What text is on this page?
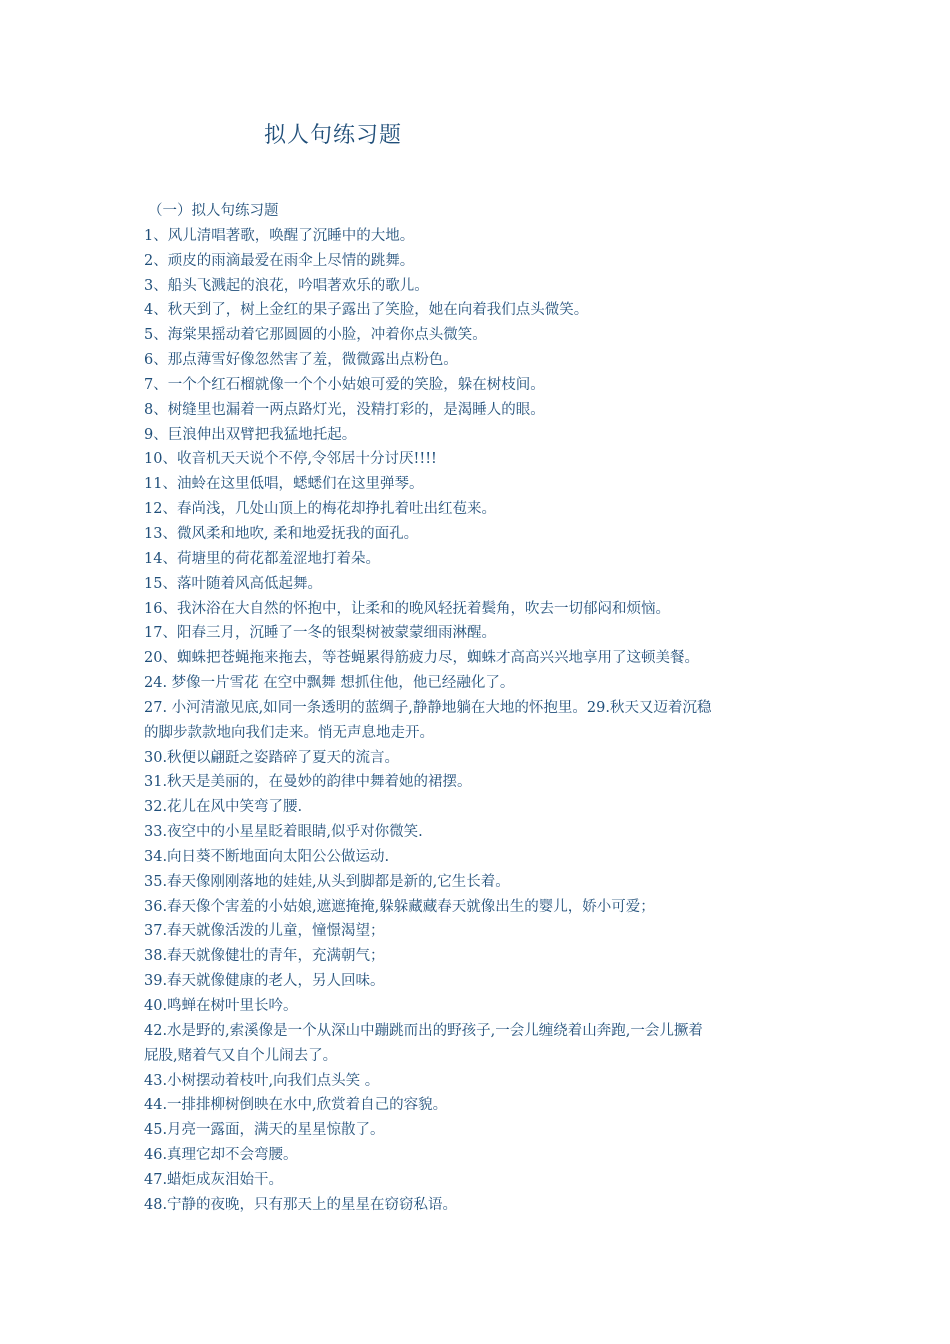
拟人句练习题
（一）拟人句练习题
1、风儿清唱著歌，唤醒了沉睡中的大地。
2、顽皮的雨滴最爱在雨伞上尽情的跳舞。
3、船头飞溅起的浪花，吟唱著欢乐的歌儿。
4、秋天到了，树上金红的果子露出了笑脸，她在向着我们点头微笑。
5、海棠果摇动着它那圆圆的小脸，冲着你点头微笑。
6、那点薄雪好像忽然害了羞，微微露出点粉色。
7、一个个红石榴就像一个个小姑娘可爱的笑脸，躲在树枝间。
8、树缝里也漏着一两点路灯光，没精打彩的，是渴睡人的眼。
9、巨浪伸出双臂把我猛地托起。
10、收音机天天说个不停,令邻居十分讨厌!!!!
11、油蛉在这里低唱，蟋蟋们在这里弹琴。
12、春尚浅，几处山顶上的梅花却挣扎着吐出红苞来。
13、微风柔和地吹, 柔和地爱抚我的面孔。
14、荷塘里的荷花都羞涩地打着朵。
15、落叶随着风高低起舞。
16、我沐浴在大自然的怀抱中，让柔和的晚风轻抚着鬓角，吹去一切郁闷和烦恼。
17、阳春三月，沉睡了一冬的银梨树被蒙蒙细雨淋醒。
20、蜘蛛把苍蝇拖来拖去，等苍蝇累得筋疲力尽，蜘蛛才高高兴兴地享用了这顿美餐。
24. 梦像一片雪花 在空中飘舞 想抓住他，他已经融化了。
27. 小河清澈见底,如同一条透明的蓝绸子,静静地躺在大地的怀抱里。29.秋天又迈着沉稳
的脚步款款地向我们走来。悄无声息地走开。
30.秋便以翩跹之姿踏碎了夏天的流言。
31.秋天是美丽的，在曼妙的韵律中舞着她的裙摆。
32.花儿在风中笑弯了腰.
33.夜空中的小星星眨着眼睛,似乎对你微笑.
34.向日葵不断地面向太阳公公做运动.
35.春天像刚刚落地的娃娃,从头到脚都是新的,它生长着。
36.春天像个害羞的小姑娘,遮遮掩掩,躲躲藏藏春天就像出生的婴儿，娇小可爱；
37.春天就像活泼的儿童，憧憬渴望；
38.春天就像健壮的青年，充满朝气；
39.春天就像健康的老人，另人回味。
40.鸣蝉在树叶里长吟。
42.水是野的,索溪像是一个从深山中蹦跳而出的野孩子,一会儿缠绕着山奔跑,一会儿撅着
屁股,赌着气又自个儿闹去了。
43.小树摆动着枝叶,向我们点头笑 。
44.一排排柳树倒映在水中,欣赏着自己的容貌。
45.月亮一露面，满天的星星惊散了。
46.真理它却不会弯腰。
47.蜡炬成灰泪始干。
48.宁静的夜晚，只有那天上的星星在窃窃私语。
